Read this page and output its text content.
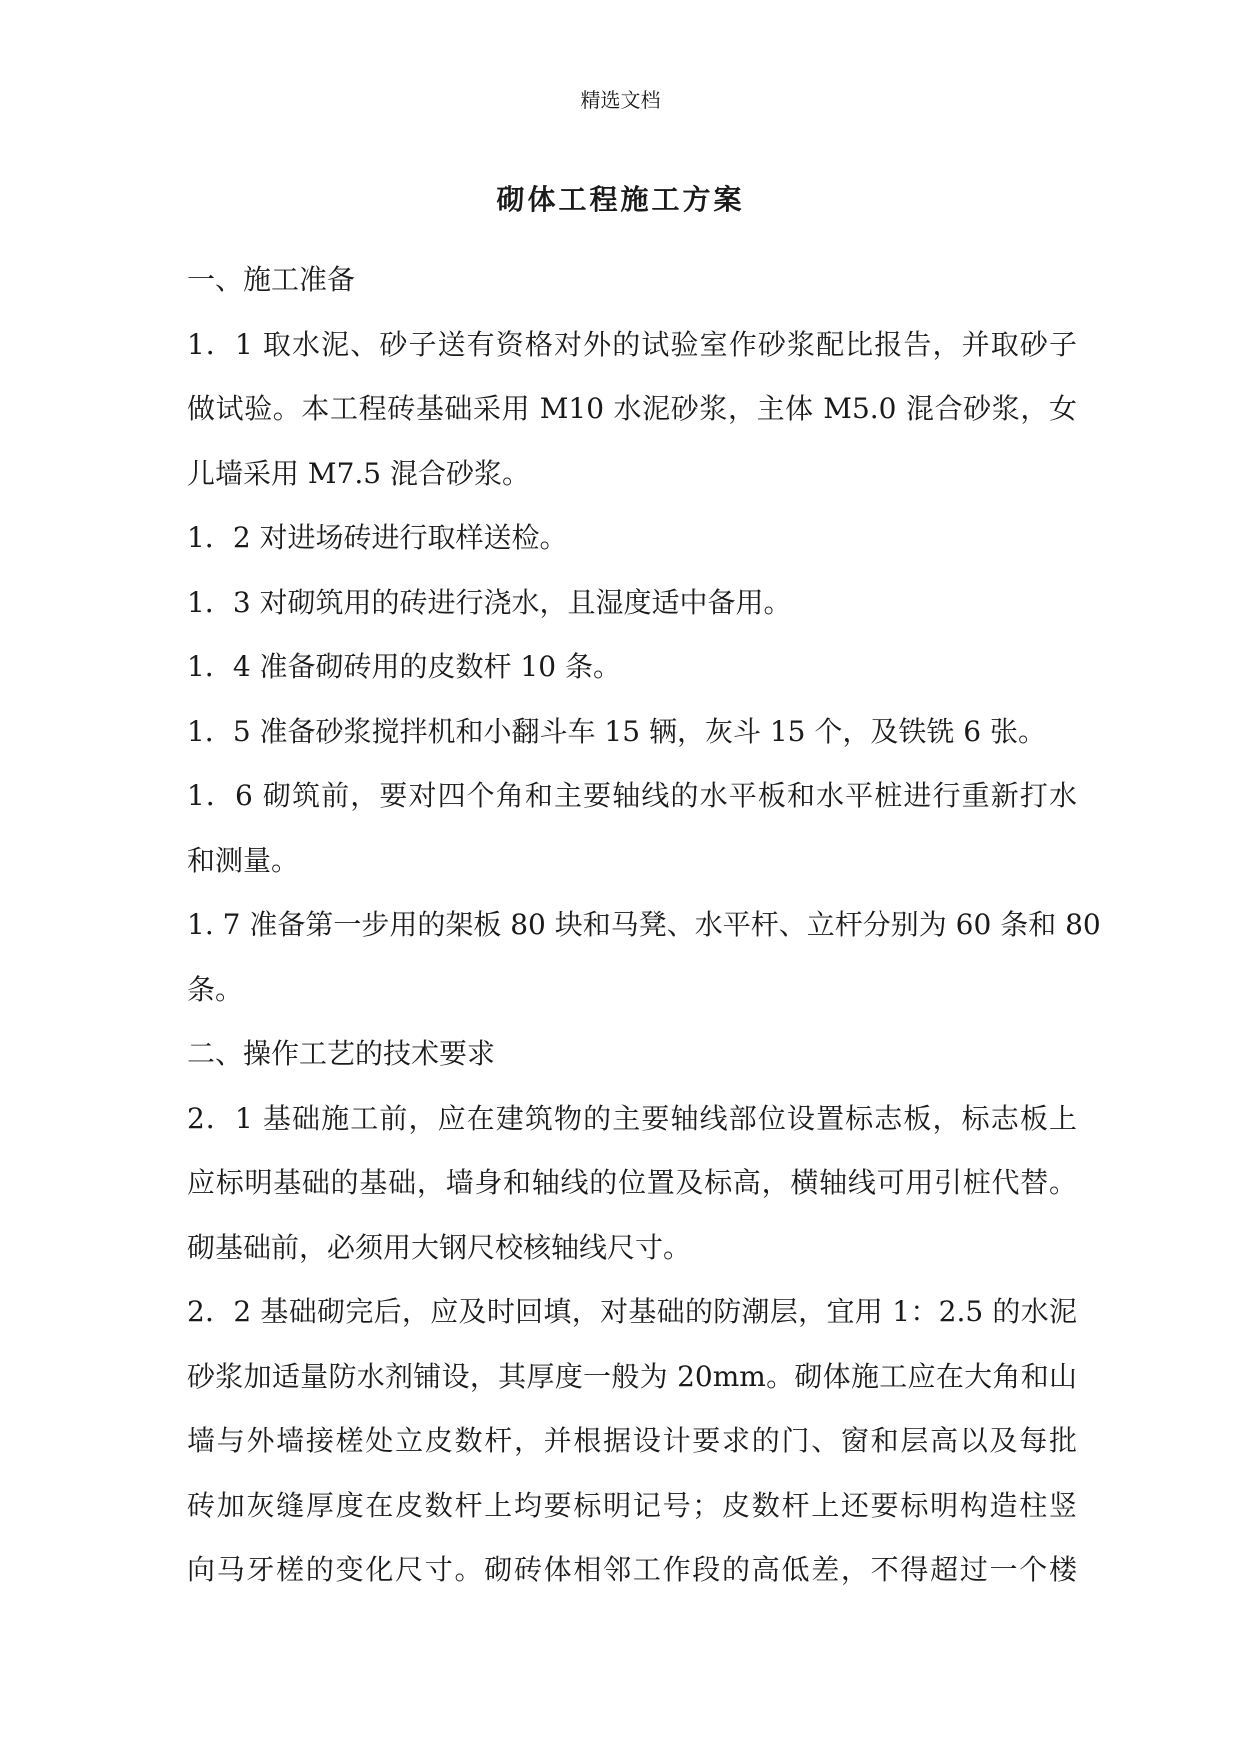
精选文档
砌体工程施工方案
一、施工准备
1．1 取水泥、砂子送有资格对外的试验室作砂浆配比报告，并取砂子
做试验。本工程砖基础采用 M10 水泥砂浆，主体 M5.0 混合砂浆，女
儿墙采用 M7.5 混合砂浆。
1．2 对进场砖进行取样送检。
1．3 对砌筑用的砖进行浇水，且湿度适中备用。
1．4 准备砌砖用的皮数杆 10 条。
1．5 准备砂浆搅拌机和小翻斗车 15 辆，灰斗 15 个，及铁铣 6 张。
1．6 砌筑前，要对四个角和主要轴线的水平板和水平桩进行重新打水
和测量。
1. 7 准备第一步用的架板 80 块和马凳、水平杆、立杆分别为 60 条和 80
条。
二、操作工艺的技术要求
2．1 基础施工前，应在建筑物的主要轴线部位设置标志板，标志板上
应标明基础的基础，墙身和轴线的位置及标高，横轴线可用引桩代替。
砌基础前，必须用大钢尺校核轴线尺寸。
2．2 基础砌完后，应及时回填，对基础的防潮层，宜用 1：2.5 的水泥
砂浆加适量防水剂铺设，其厚度一般为 20mm。砌体施工应在大角和山
墙与外墙接槎处立皮数杆，并根据设计要求的门、窗和层高以及每批
砖加灰缝厚度在皮数杆上均要标明记号；皮数杆上还要标明构造柱竖
向马牙槎的变化尺寸。砌砖体相邻工作段的高低差，不得超过一个楼
